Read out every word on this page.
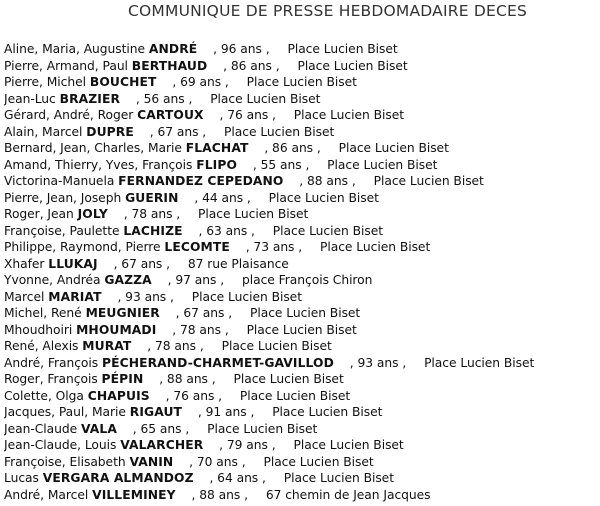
COMMUNIQUE DE PRESSE HEBDOMADAIRE DECES
Aline, Maria, Augustine ANDRÉ , 96 ans , Place Lucien Biset
Pierre, Armand, Paul BERTHAUD , 86 ans , Place Lucien Biset
Pierre, Michel BOUCHET , 69 ans , Place Lucien Biset
Jean-Luc BRAZIER , 56 ans , Place Lucien Biset
Gérard, André, Roger CARTOUX , 76 ans , Place Lucien Biset
Alain, Marcel DUPRE , 67 ans , Place Lucien Biset
Bernard, Jean, Charles, Marie FLACHAT , 86 ans , Place Lucien Biset
Amand, Thierry, Yves, François FLIPO , 55 ans , Place Lucien Biset
Victorina-Manuela FERNANDEZ CEPEDANO , 88 ans , Place Lucien Biset
Pierre, Jean, Joseph GUERIN , 44 ans , Place Lucien Biset
Roger, Jean JOLY , 78 ans , Place Lucien Biset
Françoise, Paulette LACHIZE , 63 ans , Place Lucien Biset
Philippe, Raymond, Pierre LECOMTE , 73 ans , Place Lucien Biset
Xhafer LLUKAJ , 67 ans , 87 rue Plaisance
Yvonne, Andréa GAZZA , 97 ans , place François Chiron
Marcel MARIAT , 93 ans , Place Lucien Biset
Michel, René MEUGNIER , 67 ans , Place Lucien Biset
Mhoudhoiri MHOUMADI , 78 ans , Place Lucien Biset
René, Alexis MURAT , 78 ans , Place Lucien Biset
André, François PÉCHERAND-CHARMET-GAVILLOD , 93 ans , Place Lucien Biset
Roger, François PÉPIN , 88 ans , Place Lucien Biset
Colette, Olga CHAPUIS , 76 ans , Place Lucien Biset
Jacques, Paul, Marie RIGAUT , 91 ans , Place Lucien Biset
Jean-Claude VALA , 65 ans , Place Lucien Biset
Jean-Claude, Louis VALARCHER , 79 ans , Place Lucien Biset
Françoise, Elisabeth VANIN , 70 ans , Place Lucien Biset
Lucas VERGARA ALMANDOZ , 64 ans , Place Lucien Biset
André, Marcel VILLEMINEY , 88 ans , 67 chemin de Jean Jacques
